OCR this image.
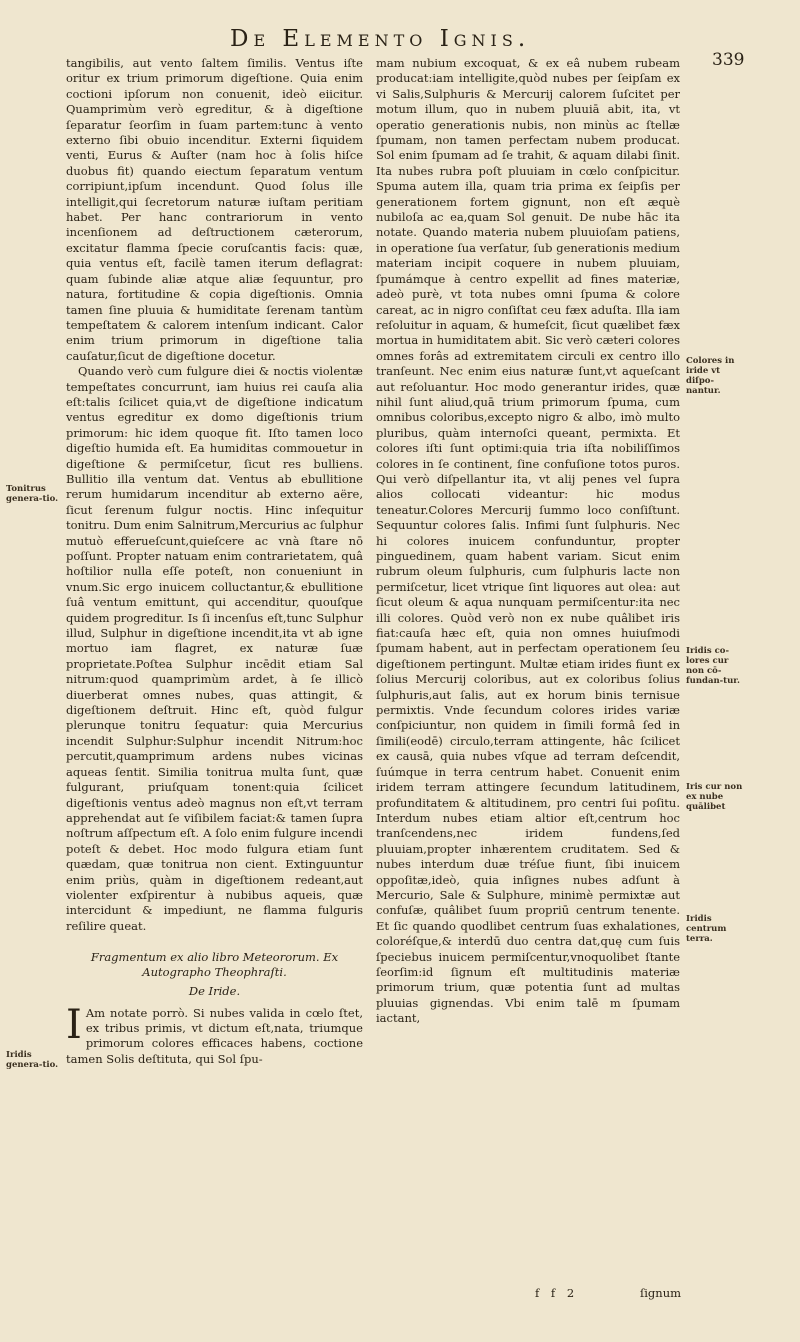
De Elemento Ignis.
339

tangibilis, aut vento ſaltem ſimilis. Ventus iſte oritur ex trium primorum digeſtione. Quia enim coctioni ipſorum non conuenit, ideò eiicitur. Quamprimùm verò egreditur, & à digeſtione ſeparatur ſeorſim in ſuam partem:tunc à vento externo ſibi obuio incenditur. Externi ſiquidem venti, Eurus & Auſter (nam hoc à ſolis hiſce duobus fit) quando eiectum ſeparatum ventum corripiunt,ipſum incendunt. Quod ſolus ille intelligit,qui ſecretorum naturæ iuſtam peritiam habet. Per hanc contrariorum in vento incenſionem ad deſtructionem cæterorum, excitatur flamma ſpecie coruſcantis facis: quæ, quia ventus eſt, facilè tamen iterum deflagrat: quam ſubinde aliæ atque aliæ ſequuntur, pro natura, fortitudine & copia digeſtionis. Omnia tamen ſine pluuia & humiditate ſerenam tantùm tempeſtatem & calorem intenſum indicant. Calor enim trium primorum in digeſtione talia cauſatur,ſicut de digeſtione docetur.

Quando verò cum fulgure diei & noctis violentæ tempeſtates concurrunt, iam huius rei cauſa alia eſt:talis ſcilicet quia,vt de digeſtione indicatum ventus egreditur ex domo digeſtionis trium primorum: hic idem quoque fit. Iſto tamen loco digeſtio humida eſt. Ea humiditas commouetur in digeſtione & permiſcetur, ſicut res bulliens. Bullitio illa ventum dat. Ventus ab ebullitione rerum humidarum incenditur ab externo aëre, ſicut ſerenum fulgur noctis. Hinc inſequitur tonitru. Dum enim Salnitrum,Mercurius ac ſulphur mutuò efferueſcunt,quieſcere ac vnà ſtare nō poſſunt. Propter natuam enim contrarietatem, quâ hoſtilior nulla eſſe poteſt, non conueniunt in vnum.Sic ergo inuicem colluctantur,& ebullitione ſuâ ventum emittunt, qui accenditur, quouſque quidem progreditur. Is ſi incenſus eſt,tunc Sulphur illud, Sulphur in digeſtione incendit,ita vt ab igne mortuo iam flagret, ex naturæ ſuæ proprietate.Poſtea Sulphur incēdit etiam Sal nitrum:quod quamprimùm ardet, à ſe illicò diuerberat omnes nubes, quas attingit, & digeſtionem deſtruit. Hinc eſt, quòd fulgur plerunque tonitru ſequatur: quia Mercurius incendit Sulphur:Sulphur incendit Nitrum:hoc percutit,quamprimum ardens nubes vicinas aqueas ſentit. Similia tonitrua multa ſunt, quæ fulgurant, priuſquam tonent:quia ſcilicet digeſtionis ventus adeò magnus non eſt,vt terram apprehendat aut ſe viſibilem faciat:& tamen ſupra noſtrum aſſpectum eſt. A ſolo enim fulgure incendi poteſt & debet. Hoc modo fulgura etiam ſunt quædam, quæ tonitrua non cient. Extinguuntur enim priùs, quàm in digeſtionem redeant,aut violenter exſpirentur à nubibus aqueis, quæ intercidunt & impediunt, ne flamma fulguris reſilire queat.

Fragmentum ex alio libro Meteororum. Ex Autographo Theophraſti.

De Iride.

I Am notate porrò. Si nubes valida in cœlo ſtet, ex tribus primis, vt dictum eſt,nata, triumque primorum colores efficaces habens, coctione tamen Solis deſtituta, qui Sol ſpu-

mam nubium excoquat, & ex eâ nubem rubeam producat:iam intelligite,quòd nubes per ſeipſam ex vi Salis,Sulphuris & Mercurij calorem ſuſcitet per motum illum, quo in nubem pluuiā abit, ita, vt operatio generationis nubis, non minùs ac ſtellæ ſpumam, non tamen perfectam nubem producat. Sol enim ſpumam ad ſe trahit, & aquam dilabi ſinit. Ita nubes rubra poſt pluuiam in cœlo conſpicitur. Spuma autem illa, quam tria prima ex ſeipſis per generationem fortem gignunt, non eſt æquè nubiloſa ac ea,quam Sol genuit. De nube hāc ita notate. Quando materia nubem pluuioſam patiens, in operatione ſua verſatur, ſub generationis medium materiam incipit coquere in nubem pluuiam, ſpumámque à centro expellit ad fines materiæ, adeò purè, vt tota nubes omni ſpuma & colore careat, ac in nigro conſiſtat ceu fæx aduſta. Illa iam reſoluitur in aquam, & humeſcit, ſicut quælibet fæx mortua in humiditatem abit. Sic verò cæteri colores omnes forâs ad extremitatem circuli ex centro illo tranſeunt. Nec enim eius naturæ ſunt,vt aqueſcant aut reſoluantur. Hoc modo generantur irides, quæ nihil ſunt aliud,quā trium primorum ſpuma, cum omnibus coloribus,excepto nigro & albo, imò multo pluribus, quàm internoſci queant, permixta. Et colores iſti ſunt optimi:quia tria iſta nobiliſſimos colores in ſe continent, ſine confuſione totos puros. Qui verò diſpellantur ita, vt alij penes vel ſupra alios collocati videantur: hic modus teneatur.Colores Mercurij ſummo loco conſiſtunt. Sequuntur colores ſalis. Infimi ſunt ſulphuris. Nec hi colores inuicem confunduntur, propter pinguedinem, quam habent variam. Sicut enim rubrum oleum ſulphuris, cum ſulphuris lacte non permiſcetur, licet vtrique ſint liquores aut olea: aut ſicut oleum & aqua nunquam permiſcentur:ita nec illi colores. Quòd verò non ex nube quâlibet iris fiat:cauſa hæc eſt, quia non omnes huiuſmodi ſpumam habent, aut in perfectam operationem ſeu digeſtionem pertingunt. Multæ etiam irides fiunt ex ſolius Mercurij coloribus, aut ex coloribus ſolius ſulphuris,aut ſalis, aut ex horum binis ternisue permixtis. Vnde ſecundum colores irides variæ conſpiciuntur, non quidem in ſimili formâ ſed in ſimili(eodē) circulo,terram attingente, hâc ſcilicet ex causā, quia nubes vſque ad terram deſcendit, ſuúmque in terra centrum habet. Conuenit enim iridem terram attingere ſecundum latitudinem, profunditatem & altitudinem, pro centri ſui poſitu. Interdum nubes etiam altior eſt,centrum hoc tranſcendens,nec iridem fundens,ſed pluuiam,propter inhærentem cruditatem. Sed & nubes interdum duæ tréſue fiunt, ſibi inuicem oppoſitæ,ideò, quia inſignes nubes adſunt à Mercurio, Sale & Sulphure, minimè permixtæ aut confuſæ, quâlibet ſuum propriū centrum tenente. Et ſic quando quodlibet centrum ſuas exhalationes, coloréſque,& interdū duo centra dat,quę cum ſuis ſpeciebus inuicem permiſcentur,vnoquolibet ſtante ſeorſim:id ſignum eſt multitudinis materiæ primorum trium, quæ potentia ſunt ad multas pluuias gignendas. Vbi enim talē m ſpumam iactant,

Tonitrus genera-tio.
Iridis genera-tio.
Colores in iride vt diſpo-nantur.
Iridis co-lores cur non cō-fundan-tur.
Iris cur non ex nube quālibet
Iridis centrum terra.
f f 2	ſignum
